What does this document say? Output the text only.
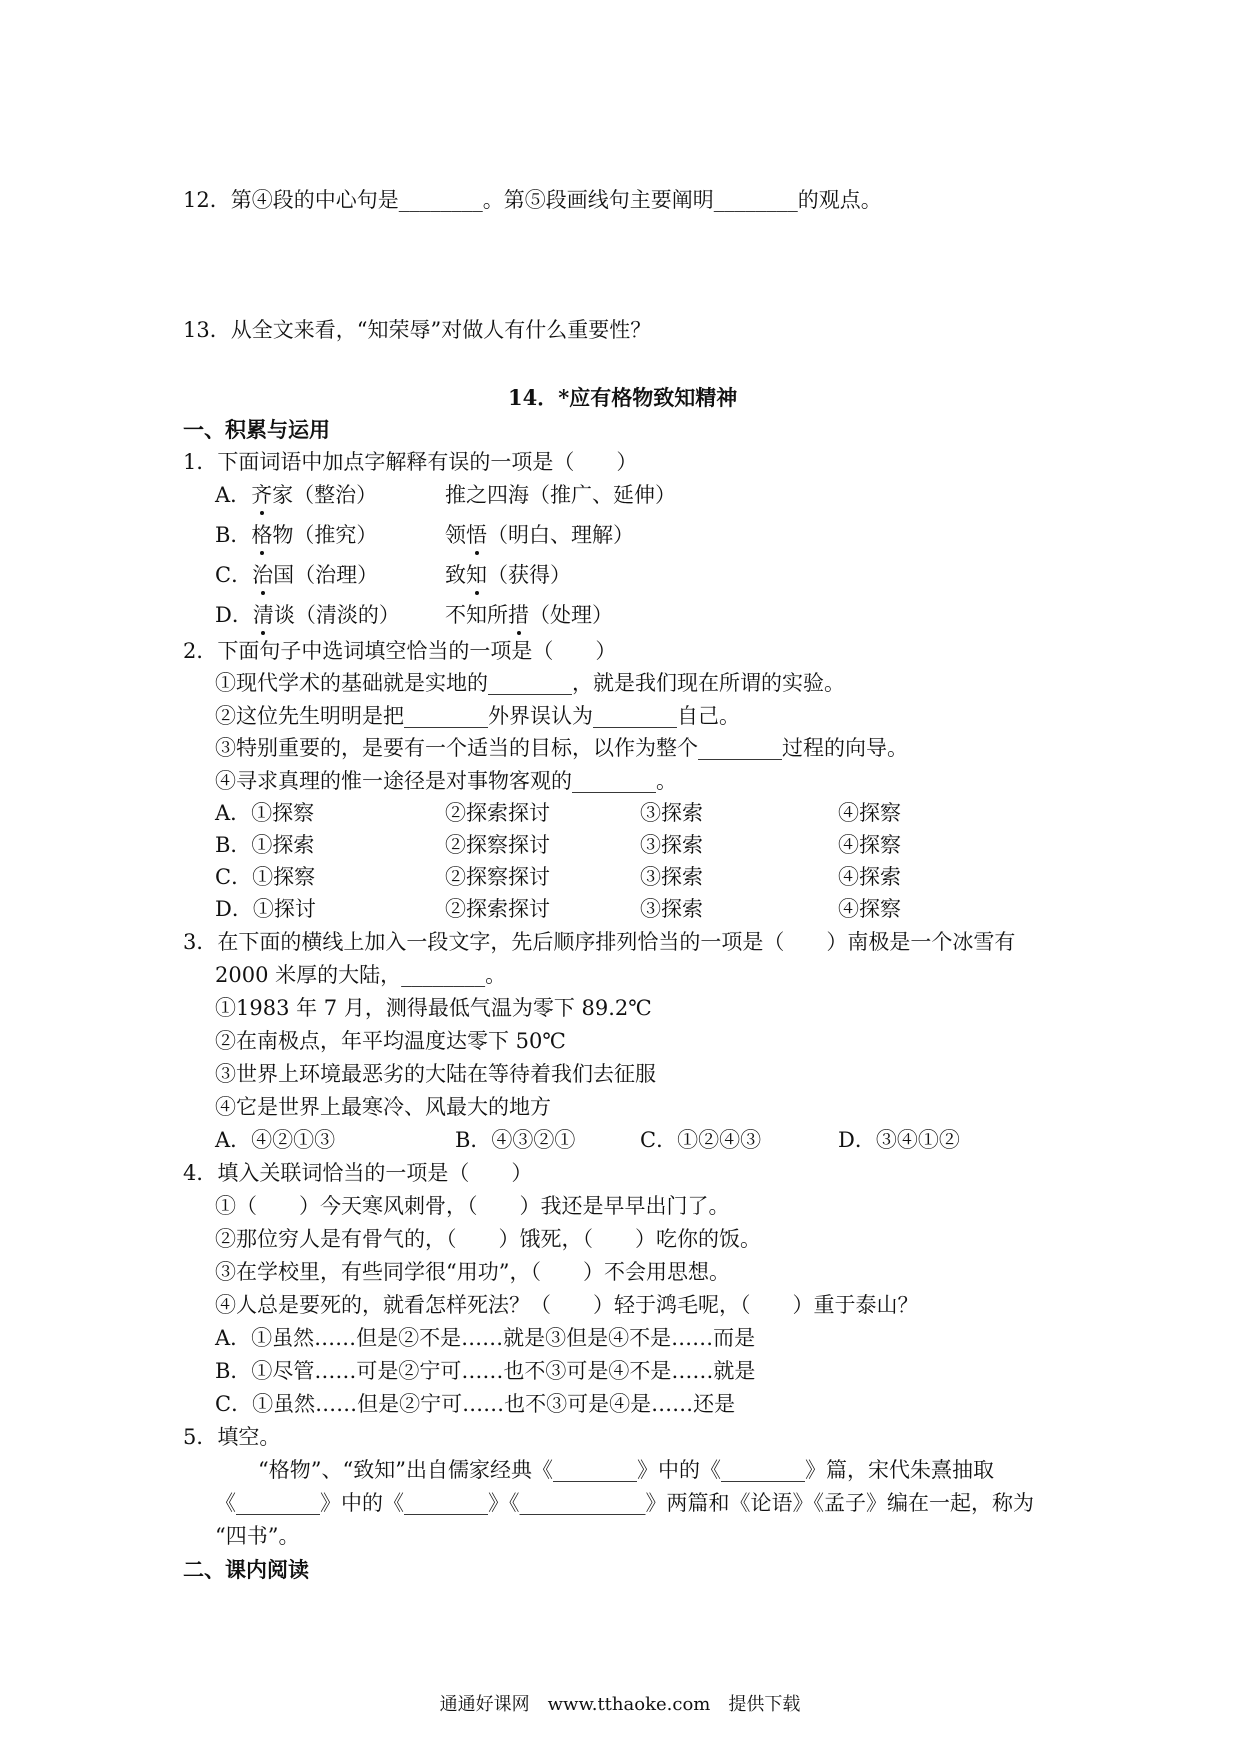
12．第④段的中心句是________。第⑤段画线句主要阐明________的观点。
13．从全文来看，“知荣辱”对做人有什么重要性？
14．*应有格物致知精神
一、积累与运用
1．下面词语中加点字解释有误的一项是（　　）
A．齐家（整治）	推之四海（推广、延伸）
B．格物（推究）	领悟（明白、理解）
C．治国（治理）	致知（获得）
D．清谈（清淡的） 不知所措（处理）
2．下面句子中选词填空恰当的一项是（　　）
①现代学术的基础就是实地的________，就是我们现在所谓的实验。
②这位先生明明是把________外界误认为________自己。
③特别重要的，是要有一个适当的目标，以作为整个________过程的向导。
④寻求真理的惟一途径是对事物客观的________。
A．①探察	②探索探讨	③探索	④探察
B．①探索	②探察探讨	③探索	④探察
C．①探察	②探察探讨	③探索	④探索
D．①探讨	②探索探讨	③探索	④探察
3．在下面的横线上加入一段文字，先后顺序排列恰当的一项是（　　）南极是一个冰雪有
2000 米厚的大陆，________。
①1983 年 7 月，测得最低气温为零下 89.2℃
②在南极点，年平均温度达零下 50℃
③世界上环境最恶劣的大陆在等待着我们去征服
④它是世界上最寒冷、风最大的地方
A．④②①③	B．④③②①	C．①②④③	D．③④①②
4．填入关联词恰当的一项是（　　）
①（　　）今天寒风刺骨，（　　）我还是早早出门了。
②那位穷人是有骨气的，（　　）饿死，（　　）吃你的饭。
③在学校里，有些同学很“用功”，（　　）不会用思想。
④人总是要死的，就看怎样死法？（　　）轻于鸿毛呢，（　　）重于泰山？
A．①虽然……但是②不是……就是③但是④不是……而是
B．①尽管……可是②宁可……也不③可是④不是……就是
C．①虽然……但是②宁可……也不③可是④是……还是
5．填空。
“格物”、“致知”出自儒家经典《________》中的《________》篇，宋代朱熹抽取
《________》中的《________》《____________》两篇和《论语》《孟子》编在一起，称为
“四书”。
二、课内阅读
通通好课网　www.tthaoke.com　提供下载
